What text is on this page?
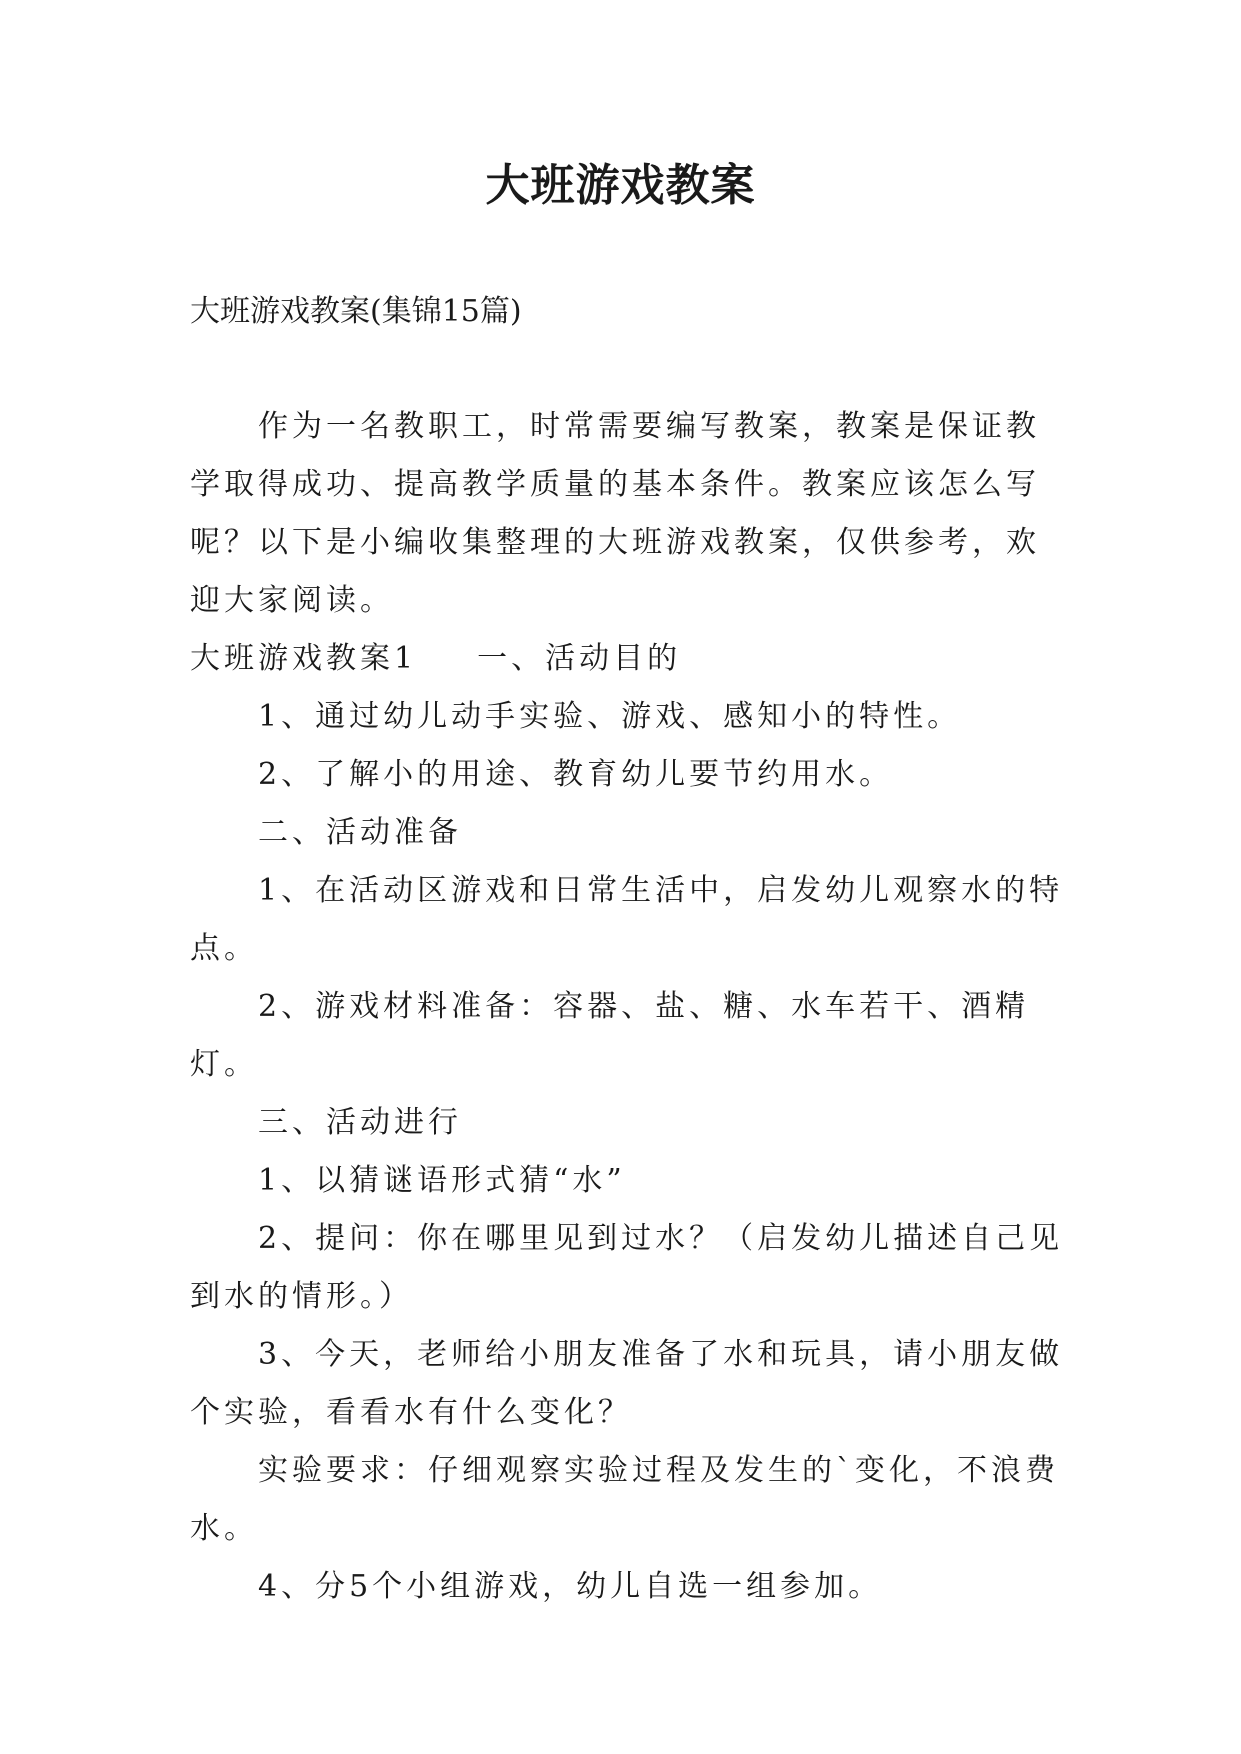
大班游戏教案
大班游戏教案(集锦15篇)

作为一名教职工，时常需要编写教案，教案是保证教学取得成功、提高教学质量的基本条件。教案应该怎么写呢？以下是小编收集整理的大班游戏教案，仅供参考，欢迎大家阅读。

大班游戏教案1 一、活动目的

1、通过幼儿动手实验、游戏、感知小的特性。

2、了解小的用途、教育幼儿要节约用水。

二、活动准备

1、在活动区游戏和日常生活中，启发幼儿观察水的特点。

2、游戏材料准备：容器、盐、糖、水车若干、酒精灯。

三、活动进行

1、以猜谜语形式猜“水”

2、提问：你在哪里见到过水？（启发幼儿描述自己见到水的情形。）

3、今天，老师给小朋友准备了水和玩具，请小朋友做个实验，看看水有什么变化？

实验要求：仔细观察实验过程及发生的`变化，不浪费水。

4、分5个小组游戏，幼儿自选一组参加。
